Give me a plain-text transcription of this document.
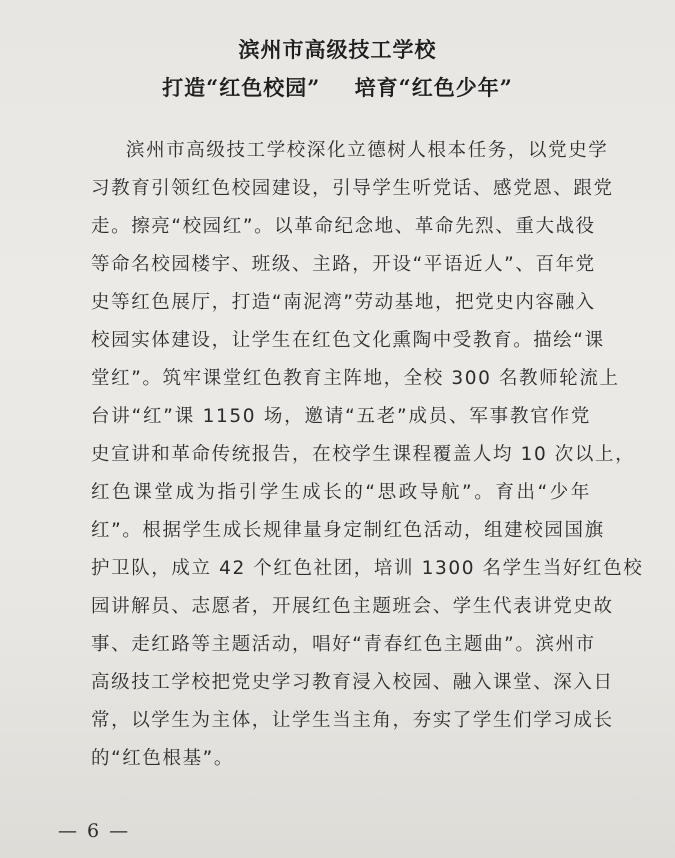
滨州市高级技工学校
打造“红色校园” 培育“红色少年”
滨州市高级技工学校深化立德树人根本任务，以党史学
习教育引领红色校园建设，引导学生听党话、感党恩、跟党
走。擦亮“校园红”。以革命纪念地、革命先烈、重大战役
等命名校园楼宇、班级、主路，开设“平语近人”、百年党
史等红色展厅，打造“南泥湾”劳动基地，把党史内容融入
校园实体建设，让学生在红色文化熏陶中受教育。描绘“课
堂红”。筑牢课堂红色教育主阵地，全校 300 名教师轮流上
台讲“红”课 1150 场，邀请“五老”成员、军事教官作党
史宣讲和革命传统报告，在校学生课程覆盖人均 10 次以上，
红色课堂成为指引学生成长的“思政导航”。育出“少年
红”。根据学生成长规律量身定制红色活动，组建校园国旗
护卫队，成立 42 个红色社团，培训 1300 名学生当好红色校
园讲解员、志愿者，开展红色主题班会、学生代表讲党史故
事、走红路等主题活动，唱好“青春红色主题曲”。滨州市
高级技工学校把党史学习教育浸入校园、融入课堂、深入日
常，以学生为主体，让学生当主角，夯实了学生们学习成长
的“红色根基”。
— 6 —
